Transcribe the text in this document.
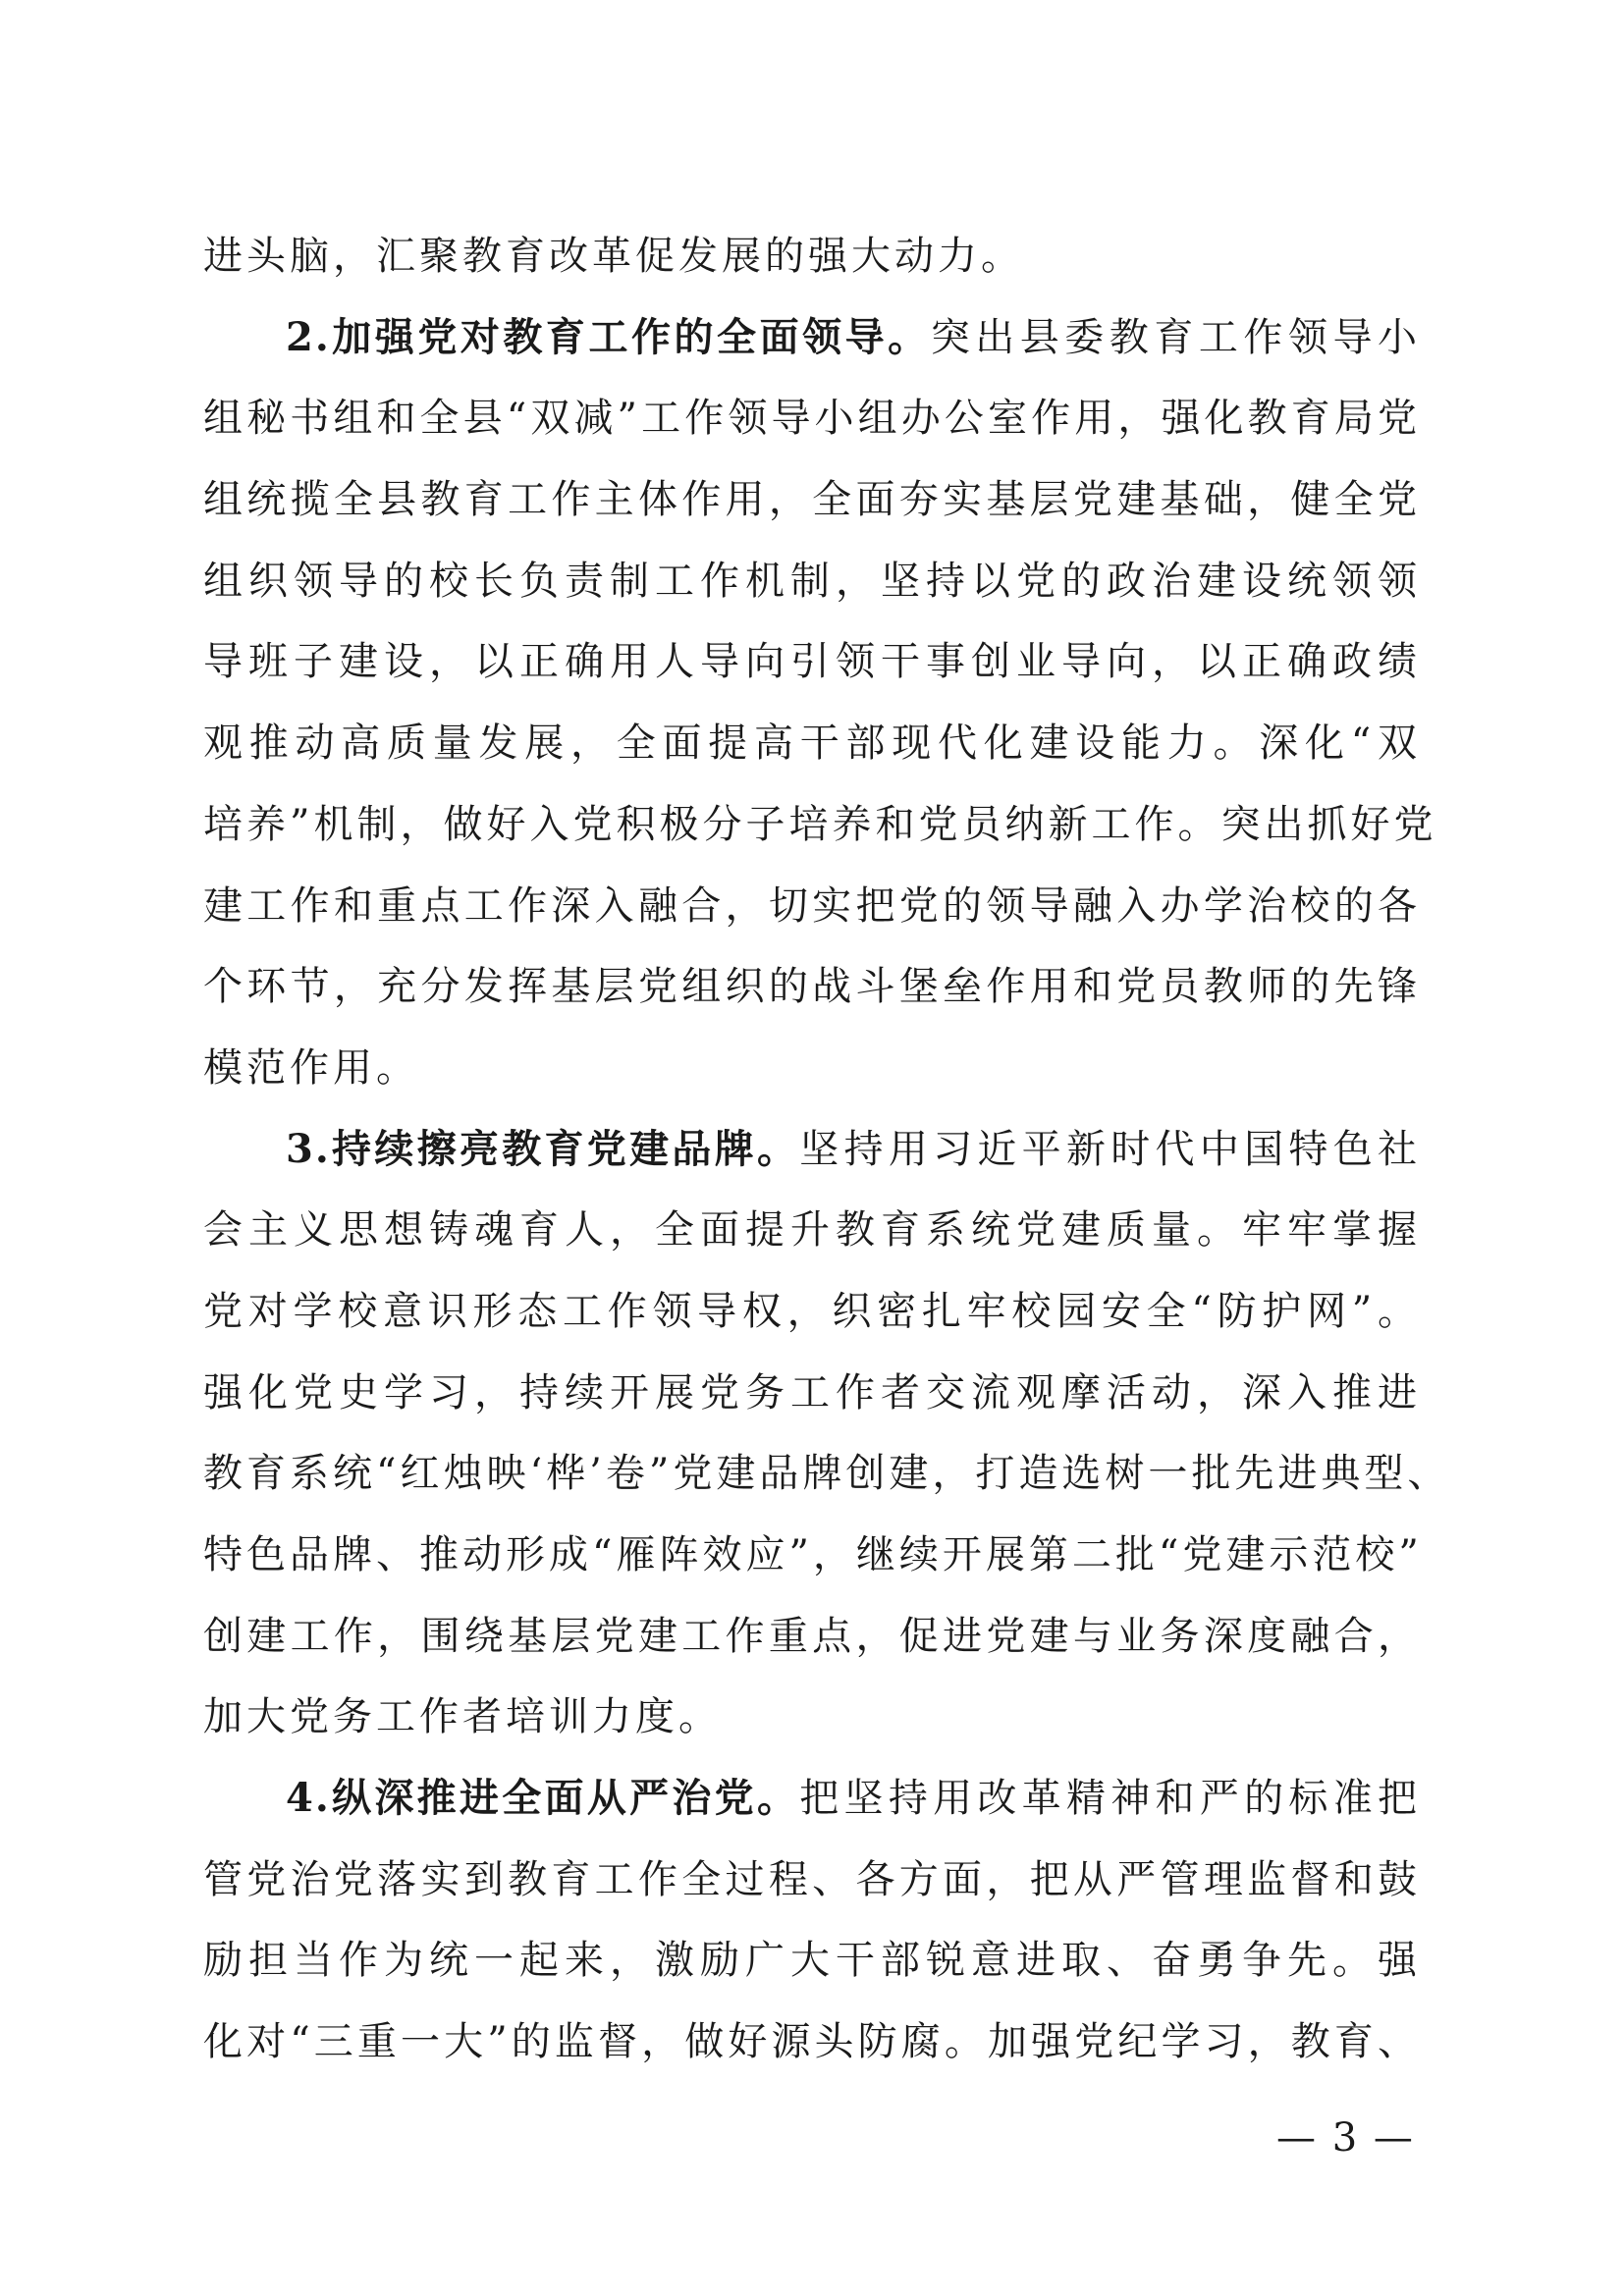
进头脑，汇聚教育改革促发展的强大动力。
2.加强党对教育工作的全面领导。突出县委教育工作领导小
组秘书组和全县“双减”工作领导小组办公室作用，强化教育局党
组统揽全县教育工作主体作用，全面夯实基层党建基础，健全党
组织领导的校长负责制工作机制，坚持以党的政治建设统领领
导班子建设，以正确用人导向引领干事创业导向，以正确政绩
观推动高质量发展，全面提高干部现代化建设能力。深化“双
培养”机制，做好入党积极分子培养和党员纳新工作。突出抓好党
建工作和重点工作深入融合，切实把党的领导融入办学治校的各
个环节，充分发挥基层党组织的战斗堡垒作用和党员教师的先锋
模范作用。
3.持续擦亮教育党建品牌。坚持用习近平新时代中国特色社
会主义思想铸魂育人，全面提升教育系统党建质量。牢牢掌握
党对学校意识形态工作领导权，织密扎牢校园安全“防护网”。
强化党史学习，持续开展党务工作者交流观摩活动，深入推进
教育系统“红烛映‘桦’卷”党建品牌创建，打造选树一批先进典型、
特色品牌、推动形成“雁阵效应”，继续开展第二批“党建示范校”
创建工作，围绕基层党建工作重点，促进党建与业务深度融合，
加大党务工作者培训力度。
4.纵深推进全面从严治党。把坚持用改革精神和严的标准把
管党治党落实到教育工作全过程、各方面，把从严管理监督和鼓
励担当作为统一起来，激励广大干部锐意进取、奋勇争先。强
化对“三重一大”的监督，做好源头防腐。加强党纪学习，教育、
— 3 —
